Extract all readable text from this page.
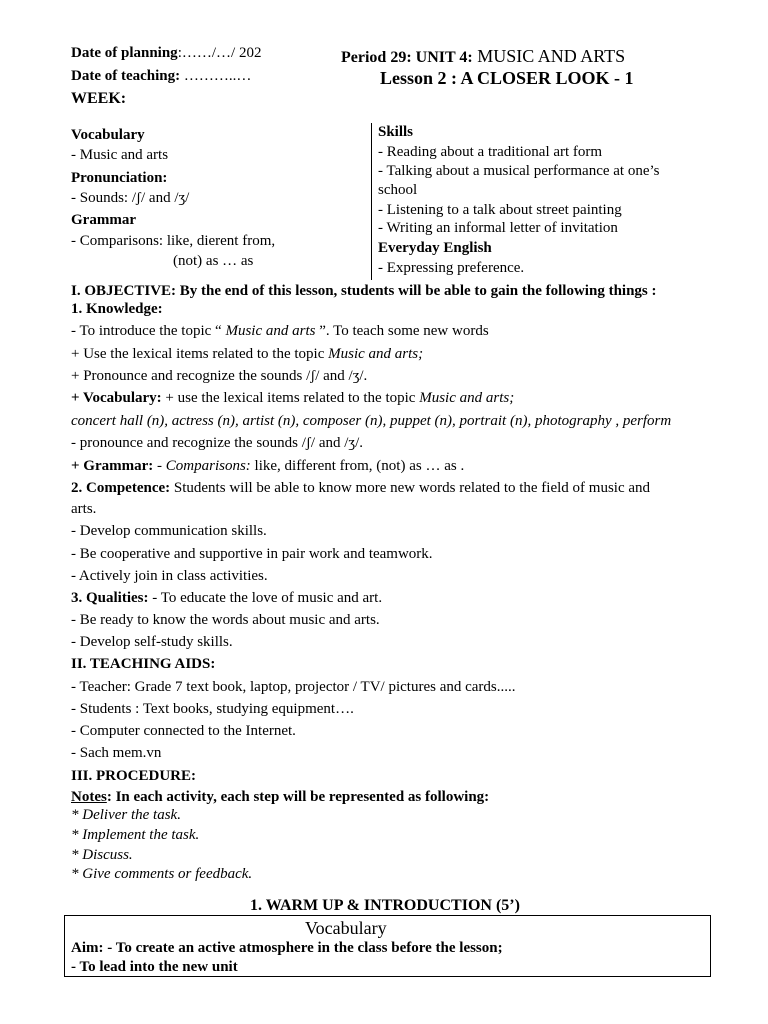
Date of planning:……/…/ 202
Date of teaching: ………..…
WEEK:
Period 29: UNIT 4: MUSIC AND ARTS
Lesson 2 : A CLOSER LOOK - 1
Vocabulary
- Music and arts
Pronunciation:
- Sounds: /ʃ/ and /ʒ/
Grammar
- Comparisons: like, dierent from,
(not) as … as
Skills
- Reading about a traditional art form
- Talking about a musical performance at one’s
school
- Listening to a talk about street painting
- Writing an informal letter of invitation
Everyday English
- Expressing preference.
I. OBJECTIVE: By the end of this lesson, students will be able to gain the following things :
1. Knowledge:
- To introduce the topic “ Music and arts ”. To teach some new words
+ Use the lexical items related to the topic Music and arts;
+ Pronounce and recognize the sounds /ʃ/ and /ʒ/.
+ Vocabulary: + use the lexical items related to the topic Music and arts;
concert hall (n), actress (n), artist (n), composer (n), puppet (n), portrait (n), photography , perform
- pronounce and recognize the sounds /ʃ/ and /ʒ/.
+ Grammar: - Comparisons: like, different from, (not) as … as .
2. Competence: Students will be able to know more new words related to the field of music and
arts.
- Develop communication skills.
- Be cooperative and supportive in pair work and teamwork.
- Actively join in class activities.
3. Qualities: - To educate the love of music and art.
- Be ready to know the words about music and arts.
- Develop self-study skills.
II. TEACHING AIDS:
- Teacher: Grade 7 text book, laptop, projector / TV/ pictures and cards.....
- Students : Text books, studying equipment….
- Computer connected to the Internet.
- Sach mem.vn
III. PROCEDURE:
Notes: In each activity, each step will be represented as following:
* Deliver the task.
* Implement the task.
* Discuss.
* Give comments or feedback.
1. WARM UP & INTRODUCTION (5’)
Vocabulary
Aim: - To create an active atmosphere in the class before the lesson;
- To lead into the new unit
